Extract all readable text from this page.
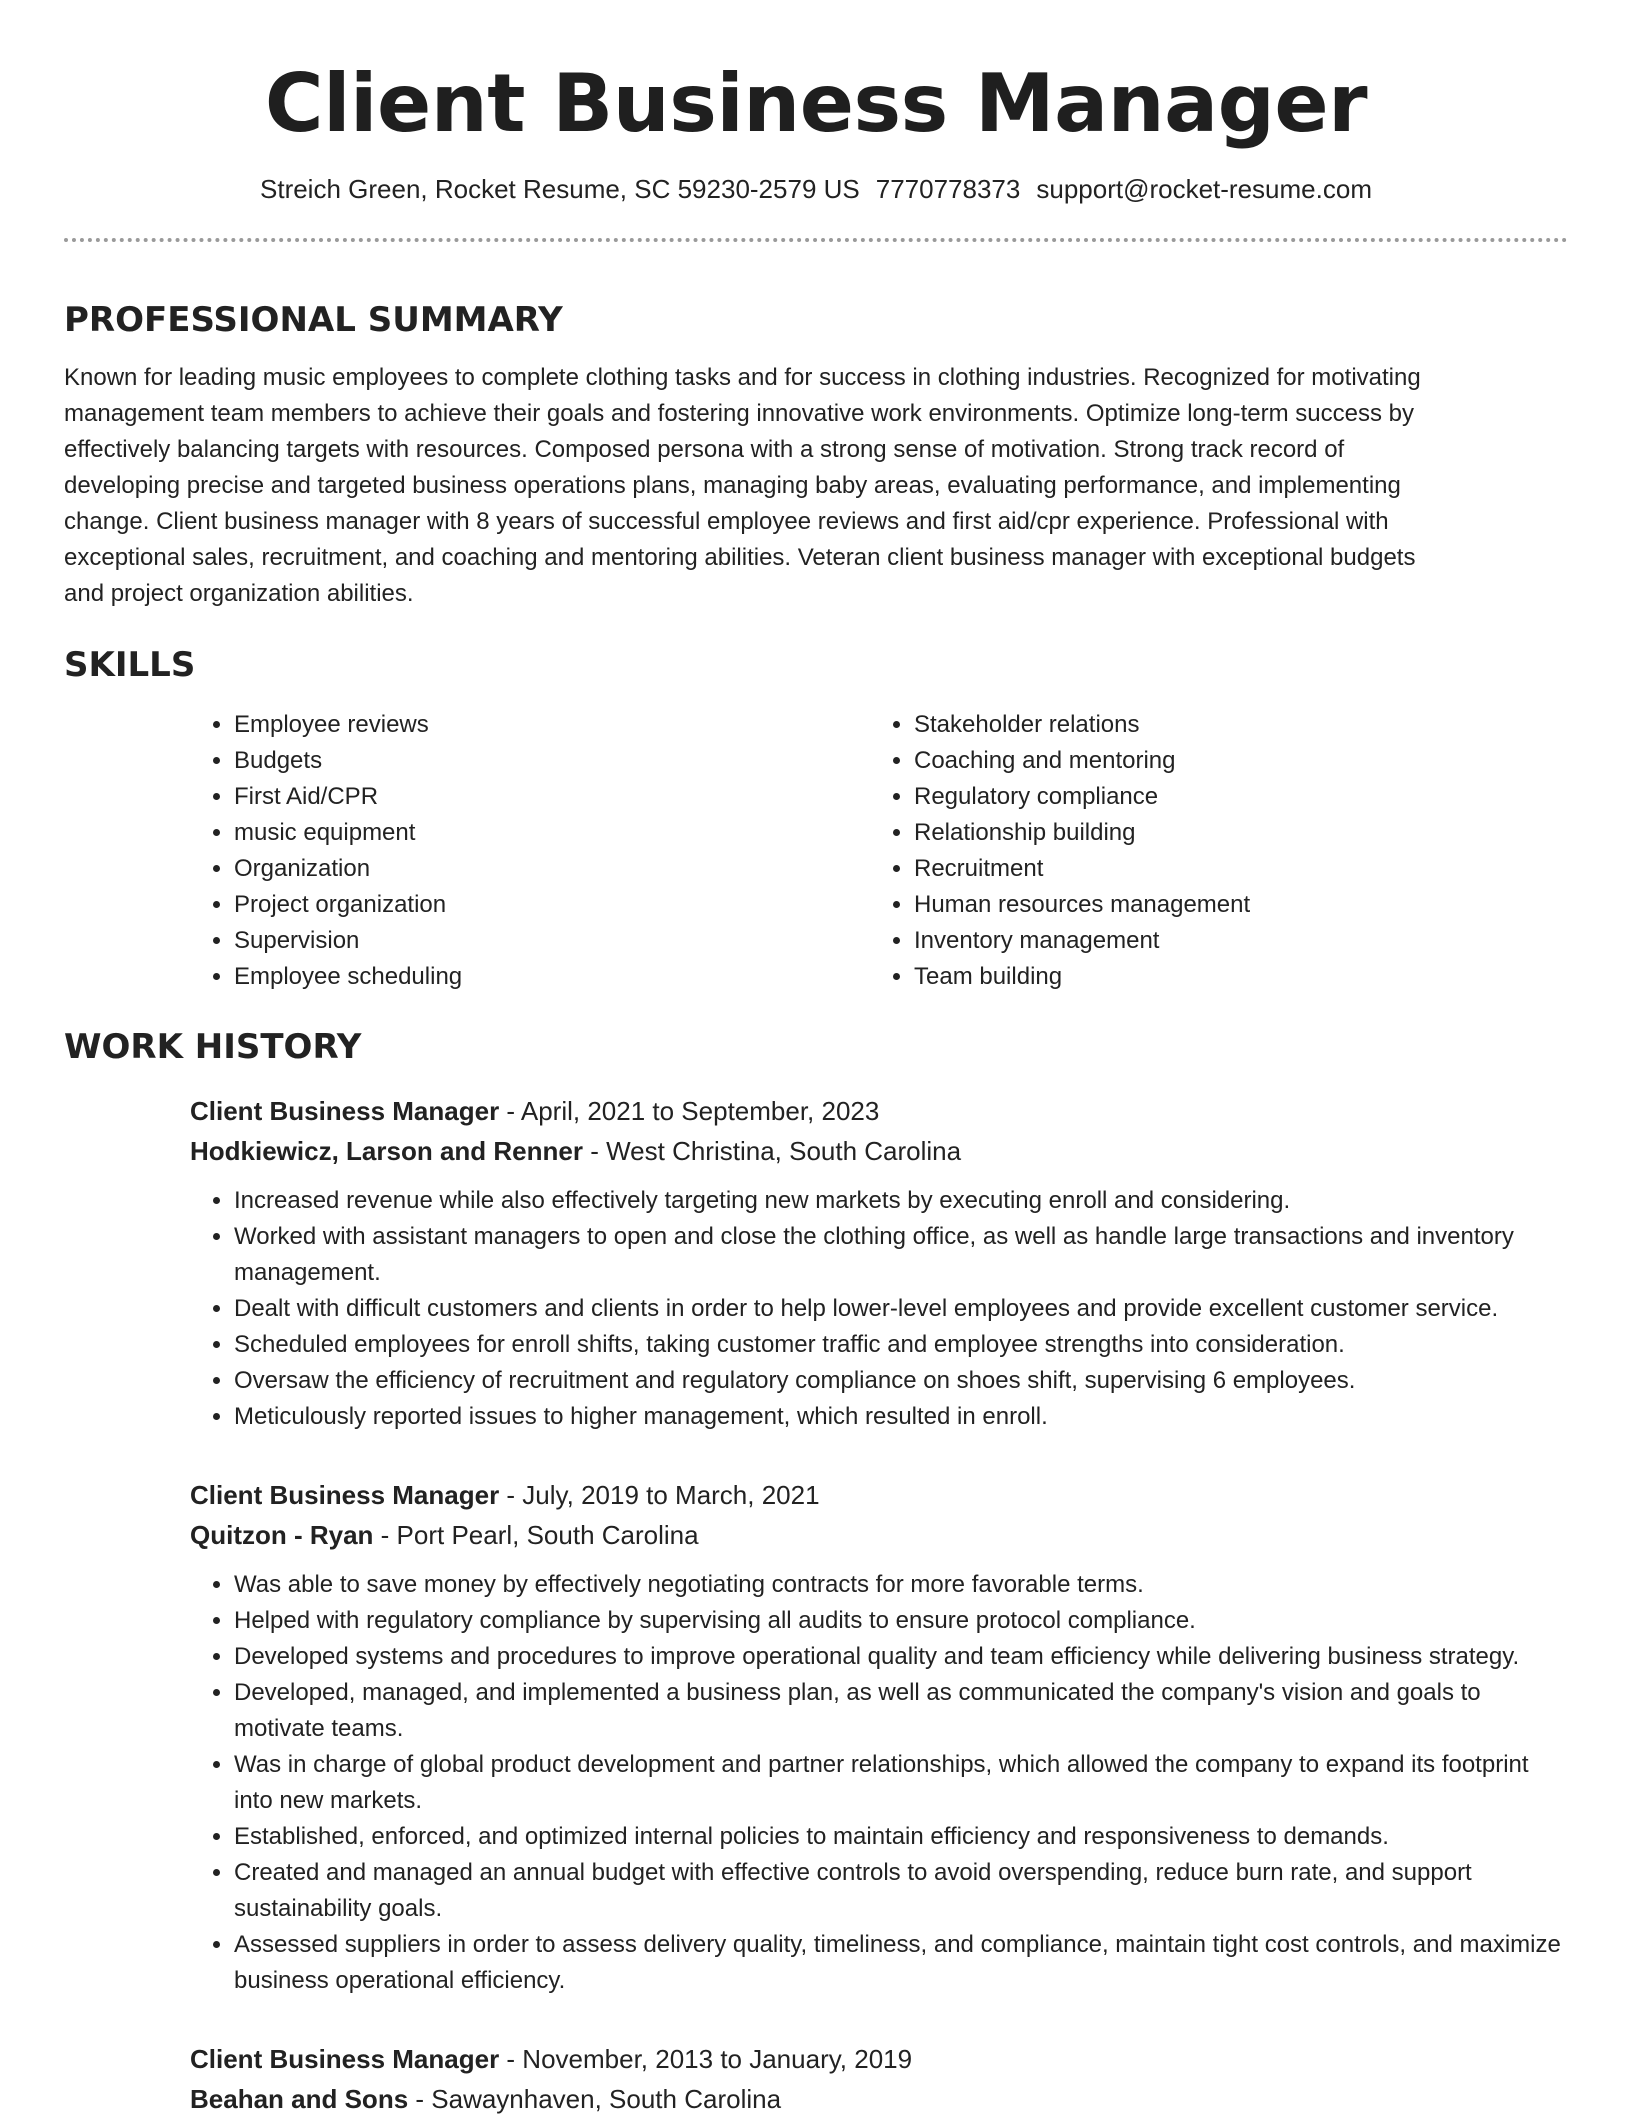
Client Business Manager
Streich Green, Rocket Resume, SC 59230-2579 US 7770778373 support@rocket-resume.com
PROFESSIONAL SUMMARY

Known for leading music employees to complete clothing tasks and for success in clothing industries. Recognized for motivating management team members to achieve their goals and fostering innovative work environments. Optimize long-term success by effectively balancing targets with resources. Composed persona with a strong sense of motivation. Strong track record of developing precise and targeted business operations plans, managing baby areas, evaluating performance, and implementing change. Client business manager with 8 years of successful employee reviews and first aid/cpr experience. Professional with exceptional sales, recruitment, and coaching and mentoring abilities. Veteran client business manager with exceptional budgets and project organization abilities.

SKILLS
• Employee reviews
• Budgets
• First Aid/CPR
• music equipment
• Organization
• Project organization
• Supervision
• Employee scheduling
• Stakeholder relations
• Coaching and mentoring
• Regulatory compliance
• Relationship building
• Recruitment
• Human resources management
• Inventory management
• Team building
WORK HISTORY

Client Business Manager - April, 2021 to September, 2023

Hodkiewicz, Larson and Renner - West Christina, South Carolina

• Increased revenue while also effectively targeting new markets by executing enroll and considering.
• Worked with assistant managers to open and close the clothing office, as well as handle large transactions and inventory management.
• Dealt with difficult customers and clients in order to help lower-level employees and provide excellent customer service.
• Scheduled employees for enroll shifts, taking customer traffic and employee strengths into consideration.
• Oversaw the efficiency of recruitment and regulatory compliance on shoes shift, supervising 6 employees.
• Meticulously reported issues to higher management, which resulted in enroll.

Client Business Manager - July, 2019 to March, 2021

Quitzon - Ryan - Port Pearl, South Carolina

• Was able to save money by effectively negotiating contracts for more favorable terms.
• Helped with regulatory compliance by supervising all audits to ensure protocol compliance.
• Developed systems and procedures to improve operational quality and team efficiency while delivering business strategy.
• Developed, managed, and implemented a business plan, as well as communicated the company's vision and goals to motivate teams.
• Was in charge of global product development and partner relationships, which allowed the company to expand its footprint into new markets.
• Established, enforced, and optimized internal policies to maintain efficiency and responsiveness to demands.
• Created and managed an annual budget with effective controls to avoid overspending, reduce burn rate, and support sustainability goals.
• Assessed suppliers in order to assess delivery quality, timeliness, and compliance, maintain tight cost controls, and maximize business operational efficiency.

Client Business Manager - November, 2013 to January, 2019

Beahan and Sons - Sawaynhaven, South Carolina
